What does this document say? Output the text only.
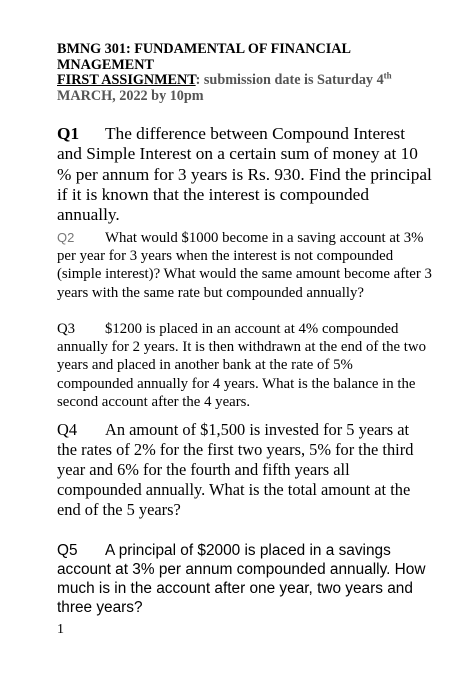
BMNG 301: FUNDAMENTAL OF FINANCIAL
MNAGEMENT
FIRST ASSIGNMENT: submission date is Saturday 4th
MARCH, 2022 by 10pm

Q1 The difference between Compound Interest and Simple Interest on a certain sum of money at 10 % per annum for 3 years is Rs. 930. Find the principal if it is known that the interest is compounded annually.

Q2 What would $1000 become in a saving account at 3% per year for 3 years when the interest is not compounded (simple interest)? What would the same amount become after 3 years with the same rate but compounded annually?

Q3 $1200 is placed in an account at 4% compounded annually for 2 years. It is then withdrawn at the end of the two years and placed in another bank at the rate of 5% compounded annually for 4 years. What is the balance in the second account after the 4 years.

Q4 An amount of $1,500 is invested for 5 years at the rates of 2% for the first two years, 5% for the third year and 6% for the fourth and fifth years all compounded annually. What is the total amount at the end of the 5 years?

Q5 A principal of $2000 is placed in a savings account at 3% per annum compounded annually. How much is in the account after one year, two years and three years?

1
